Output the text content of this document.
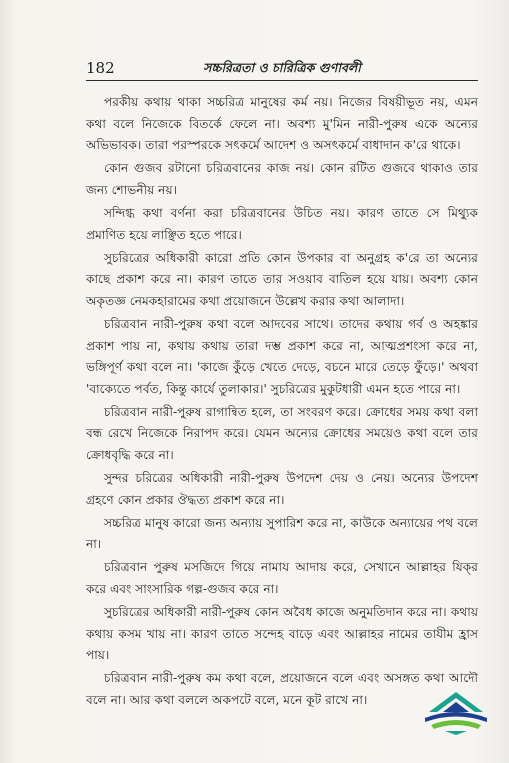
182	সচ্চরিত্রতা ও চারিত্রিক গুণাবলী

পরকীয় কথায় থাকা সচ্চরিত্র মানুষের কর্ম নয়। নিজের বিষয়ীভূত নয়, এমন কথা বলে নিজেকে বিতর্কে ফেলে না। অবশ্য মু'মিন নারী-পুরুষ একে অন্যের অভিভাবক। তারা পরস্পরকে সৎকর্মে আদেশ ও অসৎকর্মে বাধাদান ক'রে থাকে।

কোন গুজব রটানো চরিত্রবানের কাজ নয়। কোন রটিত গুজবে থাকাও তার জন্য শোভনীয় নয়।

সন্দিগ্ধ কথা বর্ণনা করা চরিত্রবানের উচিত নয়। কারণ তাতে সে মিথ্যুক প্রমাণিত হয়ে লাঞ্ছিত হতে পারে।

সুচরিত্রের অধিকারী কারো প্রতি কোন উপকার বা অনুগ্রহ ক'রে তা অন্যের কাছে প্রকাশ করে না। কারণ তাতে তার সওয়াব বাতিল হয়ে যায়। অবশ্য কোন অকৃতজ্ঞ নেমকহারামের কথা প্রয়োজনে উল্লেখ করার কথা আলাদা।

চরিত্রবান নারী-পুরুষ কথা বলে আদবের সাথে। তাদের কথায় গর্ব ও অহঙ্কার প্রকাশ পায় না, কথায় কথায় তারা দম্ভ প্রকাশ করে না, আত্মপ্রশংসা করে না, ভঙ্গিপূর্ণ কথা বলে না। 'কাজে কুঁড়ে খেতে দেড়ে, বচনে মারে তেড়ে ফুঁড়ে।' অথবা 'বাক্যেতে পর্বত, কিন্তু কার্যে তুলাকার।' সুচরিত্রের মুকুটধারী এমন হতে পারে না।

চরিত্রবান নারী-পুরুষ রাগান্বিত হলে, তা সংবরণ করে। ক্রোধের সময় কথা বলা বন্ধ রেখে নিজেকে নিরাপদ করে। যেমন অন্যের ক্রোধের সময়েও কথা বলে তার ক্রোধবৃদ্ধি করে না।

সুন্দর চরিত্রের অধিকারী নারী-পুরুষ উপদেশ দেয় ও নেয়। অন্যের উপদেশ গ্রহণে কোন প্রকার ঔদ্ধত্য প্রকাশ করে না।

সচ্চরিত্র মানুষ কারো জন্য অন্যায় সুপারিশ করে না, কাউকে অন্যায়ের পথ বলে না।

চরিত্রবান পুরুষ মসজিদে গিয়ে নামায আদায় করে, সেখানে আল্লাহর যিক্‌র করে এবং সাংসারিক গল্প-গুজব করে না।

সুচরিত্রের অধিকারী নারী-পুরুষ কোন অবৈধ কাজে অনুমতিদান করে না। কথায় কথায় কসম খায় না। কারণ তাতে সন্দেহ বাড়ে এবং আল্লাহর নামের তাযীম হ্রাস পায়।

চরিত্রবান নারী-পুরুষ কম কথা বলে, প্রয়োজনে বলে এবং অসঙ্গত কথা আদৌ বলে না। আর কথা বললে অকপটে বলে, মনে কূট রাখে না।
